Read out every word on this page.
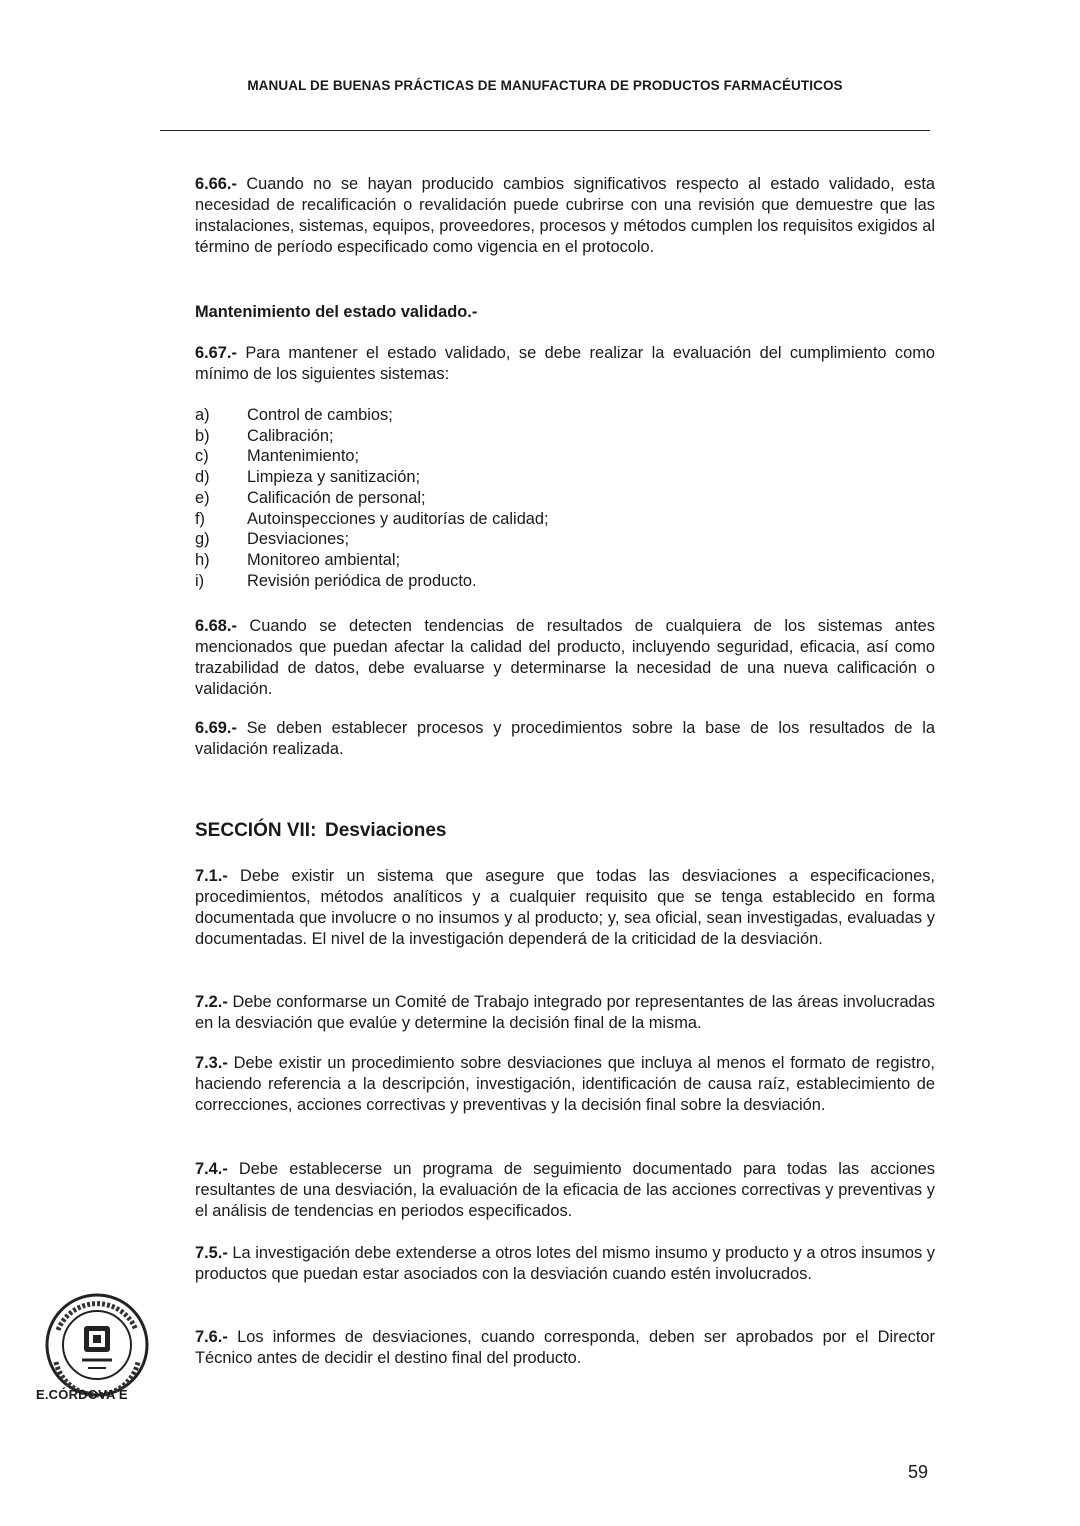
MANUAL DE BUENAS PRÁCTICAS DE MANUFACTURA DE PRODUCTOS FARMACÉUTICOS

6.66.- Cuando no se hayan producido cambios significativos respecto al estado validado, esta necesidad de recalificación o revalidación puede cubrirse con una revisión que demuestre que las instalaciones, sistemas, equipos, proveedores, procesos y métodos cumplen los requisitos exigidos al término de período especificado como vigencia en el protocolo.

Mantenimiento del estado validado.-

6.67.- Para mantener el estado validado, se debe realizar la evaluación del cumplimiento como mínimo de los siguientes sistemas:

a)	Control de cambios;
b)	Calibración;
c)	Mantenimiento;
d)	Limpieza y sanitización;
e)	Calificación de personal;
f)	Autoinspecciones y auditorías de calidad;
g)	Desviaciones;
h)	Monitoreo ambiental;
i)	Revisión periódica de producto.

6.68.- Cuando se detecten tendencias de resultados de cualquiera de los sistemas antes mencionados que puedan afectar la calidad del producto, incluyendo seguridad, eficacia, así como trazabilidad de datos, debe evaluarse y determinarse la necesidad de una nueva calificación o validación.

6.69.- Se deben establecer procesos y procedimientos sobre la base de los resultados de la validación realizada.

SECCIÓN VII: Desviaciones

7.1.- Debe existir un sistema que asegure que todas las desviaciones a especificaciones, procedimientos, métodos analíticos y a cualquier requisito que se tenga establecido en forma documentada que involucre o no insumos y al producto; y, sea oficial, sean investigadas, evaluadas y documentadas. El nivel de la investigación dependerá de la criticidad de la desviación.

7.2.- Debe conformarse un Comité de Trabajo integrado por representantes de las áreas involucradas en la desviación que evalúe y determine la decisión final de la misma.

7.3.- Debe existir un procedimiento sobre desviaciones que incluya al menos el formato de registro, haciendo referencia a la descripción, investigación, identificación de causa raíz, establecimiento de correcciones, acciones correctivas y preventivas y la decisión final sobre la desviación.

7.4.- Debe establecerse un programa de seguimiento documentado para todas las acciones resultantes de una desviación, la evaluación de la eficacia de las acciones correctivas y preventivas y el análisis de tendencias en periodos especificados.

7.5.- La investigación debe extenderse a otros lotes del mismo insumo y producto y a otros insumos y productos que puedan estar asociados con la desviación cuando estén involucrados.

7.6.- Los informes de desviaciones, cuando corresponda, deben ser aprobados por el Director Técnico antes de decidir el destino final del producto.

E.CÓRDOVA E
59
